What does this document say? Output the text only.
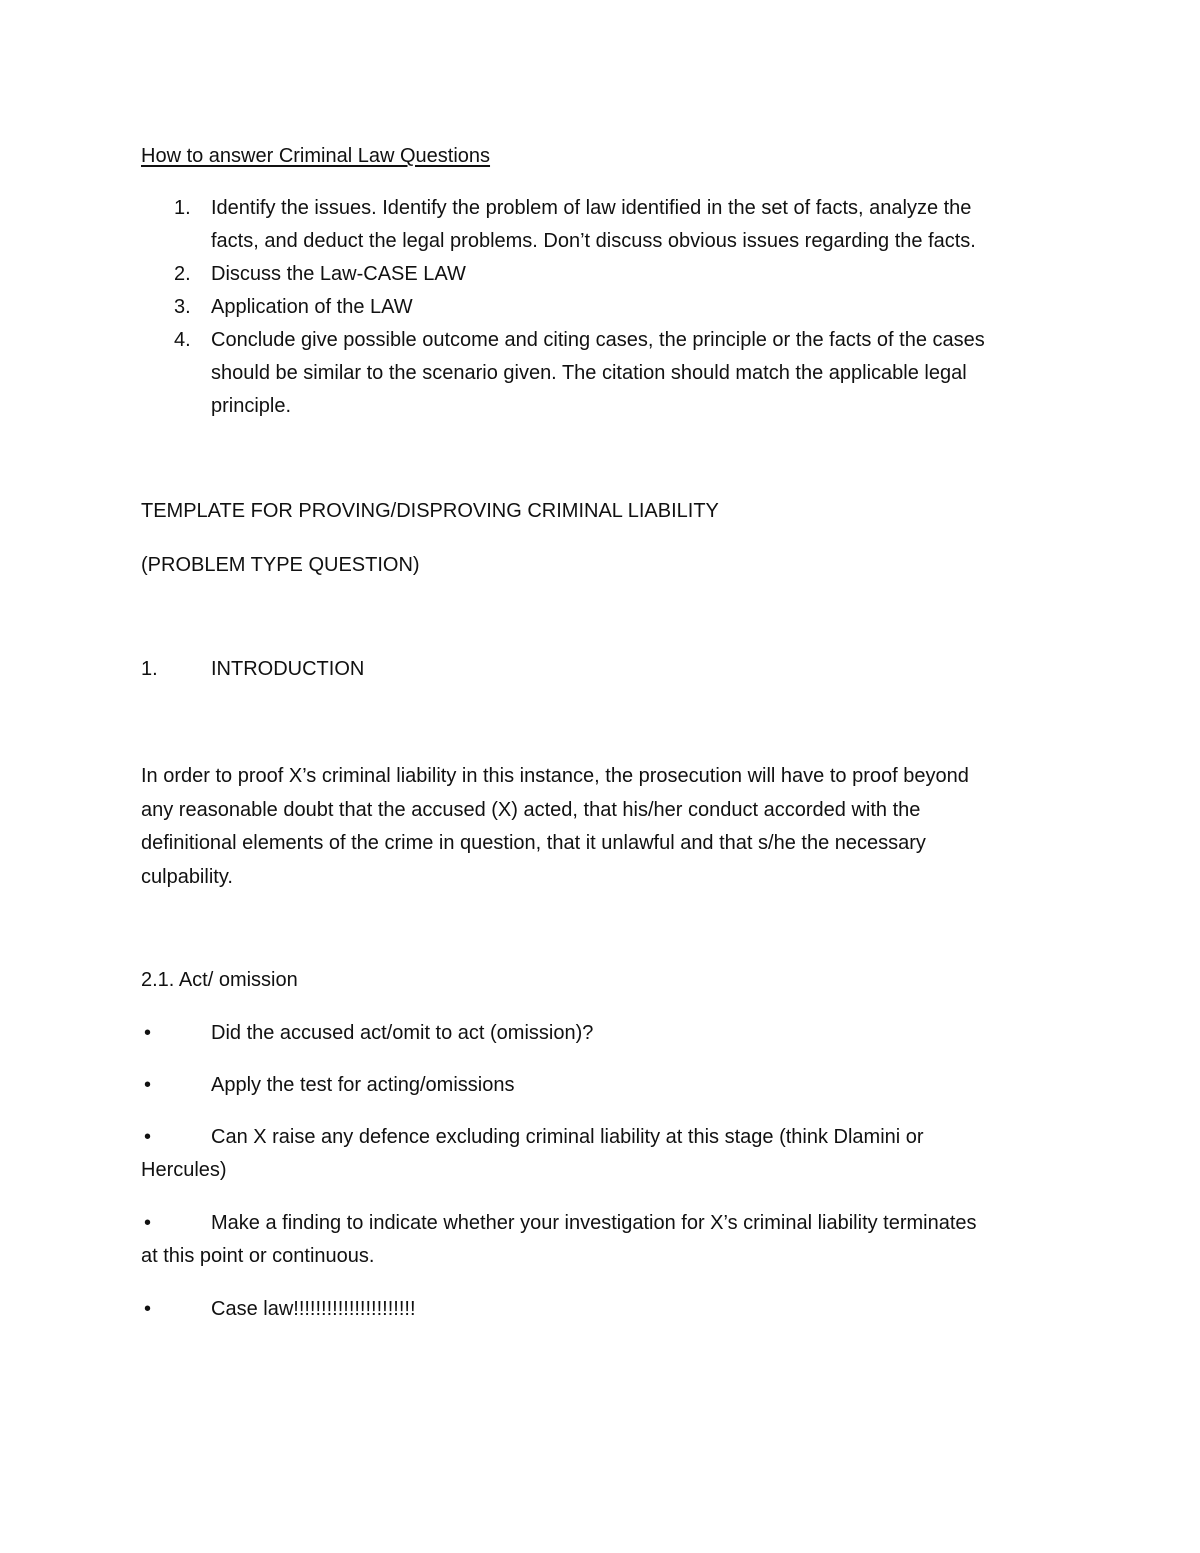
How to answer Criminal Law Questions

1. Identify the issues. Identify the problem of law identified in the set of facts, analyze the
facts, and deduct the legal problems. Don’t discuss obvious issues regarding the facts.
2. Discuss the Law-CASE LAW
3. Application of the LAW
4. Conclude give possible outcome and citing cases, the principle or the facts of the cases
should be similar to the scenario given. The citation should match the applicable legal
principle.

TEMPLATE FOR PROVING/DISPROVING CRIMINAL LIABILITY

(PROBLEM TYPE QUESTION)

1.	INTRODUCTION
In order to proof X’s criminal liability in this instance, the prosecution will have to proof beyond
any reasonable doubt that the accused (X) acted, that his/her conduct accorded with the
definitional elements of the crime in question, that it unlawful and that s/he the necessary
culpability.

2.1. Act/ omission

•	Did the accused act/omit to act (omission)?
•	Apply the test for acting/omissions
•	Can X raise any defence excluding criminal liability at this stage (think Dlamini or
Hercules)
•	Make a finding to indicate whether your investigation for X’s criminal liability terminates
at this point or continuous.
•	Case law!!!!!!!!!!!!!!!!!!!!!!
